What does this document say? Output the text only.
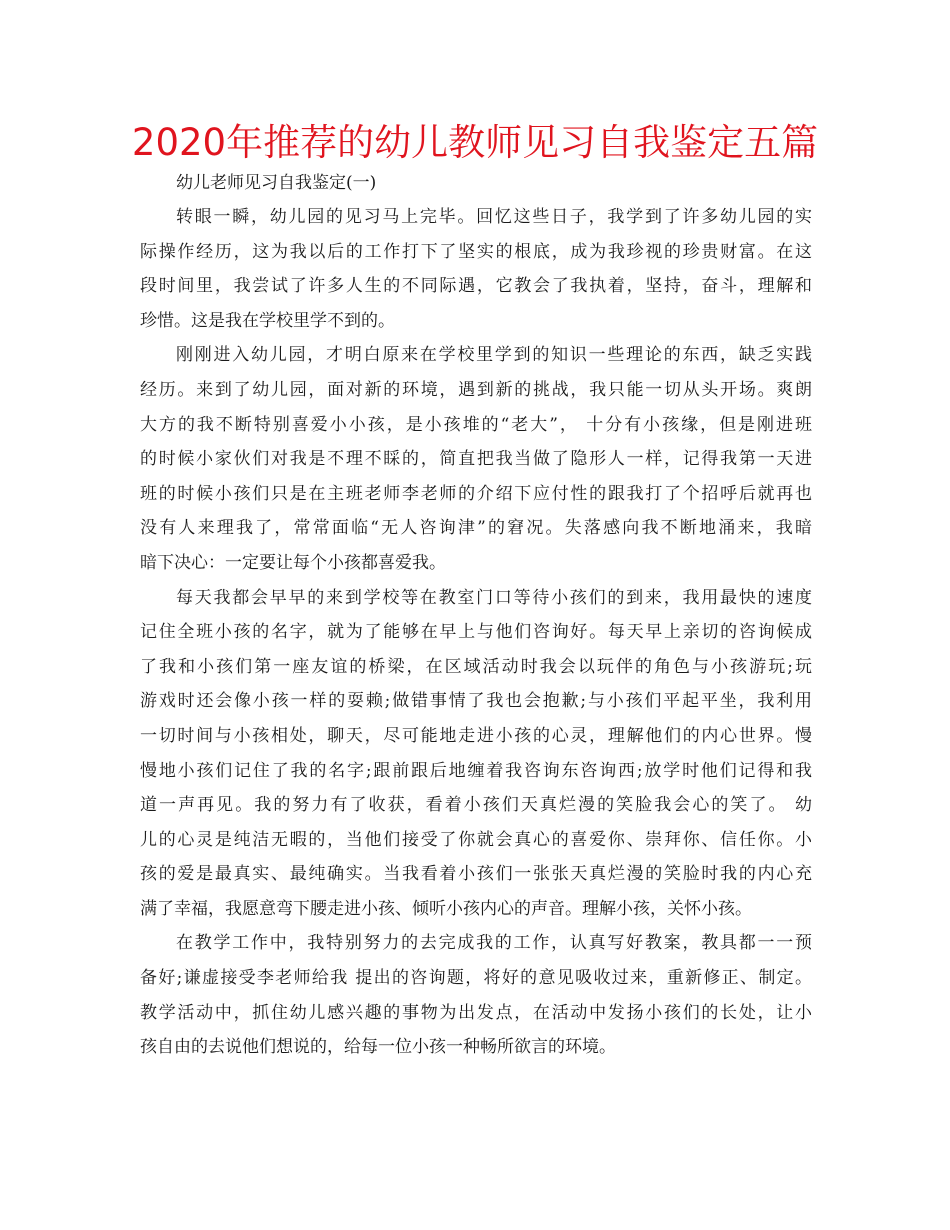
2020年推荐的幼儿教师见习自我鉴定五篇

幼儿老师见习自我鉴定(一)

转眼一瞬，幼儿园的见习马上完毕。回忆这些日子，我学到了许多幼儿园的实
际操作经历，这为我以后的工作打下了坚实的根底，成为我珍视的珍贵财富。在这
段时间里，我尝试了许多人生的不同际遇，它教会了我执着，坚持，奋斗，理解和
珍惜。这是我在学校里学不到的。

刚刚进入幼儿园，才明白原来在学校里学到的知识一些理论的东西，缺乏实践
经历。来到了幼儿园，面对新的环境，遇到新的挑战，我只能一切从头开场。爽朗
大方的我不断特别喜爱小小孩，是小孩堆的“老大”， 十分有小孩缘，但是刚进班
的时候小家伙们对我是不理不睬的，简直把我当做了隐形人一样，记得我第一天进
班的时候小孩们只是在主班老师李老师的介绍下应付性的跟我打了个招呼后就再也
没有人来理我了，常常面临“无人咨询津”的窘况。失落感向我不断地涌来，我暗
暗下决心：一定要让每个小孩都喜爱我。

每天我都会早早的来到学校等在教室门口等待小孩们的到来，我用最快的速度
记住全班小孩的名字，就为了能够在早上与他们咨询好。每天早上亲切的咨询候成
了我和小孩们第一座友谊的桥梁，在区域活动时我会以玩伴的角色与小孩游玩;玩
游戏时还会像小孩一样的耍赖;做错事情了我也会抱歉;与小孩们平起平坐，我利用
一切时间与小孩相处，聊天，尽可能地走进小孩的心灵，理解他们的内心世界。慢
慢地小孩们记住了我的名字;跟前跟后地缠着我咨询东咨询西;放学时他们记得和我
道一声再见。我的努力有了收获，看着小孩们天真烂漫的笑脸我会心的笑了。 幼
儿的心灵是纯洁无暇的，当他们接受了你就会真心的喜爱你、崇拜你、信任你。小
孩的爱是最真实、最纯确实。当我看着小孩们一张张天真烂漫的笑脸时我的内心充
满了幸福，我愿意弯下腰走进小孩、倾听小孩内心的声音。理解小孩，关怀小孩。

在教学工作中，我特别努力的去完成我的工作，认真写好教案，教具都一一预
备好;谦虚接受李老师给我 提出的咨询题，将好的意见吸收过来，重新修正、制定。
教学活动中，抓住幼儿感兴趣的事物为出发点，在活动中发扬小孩们的长处，让小
孩自由的去说他们想说的，给每一位小孩一种畅所欲言的环境。
